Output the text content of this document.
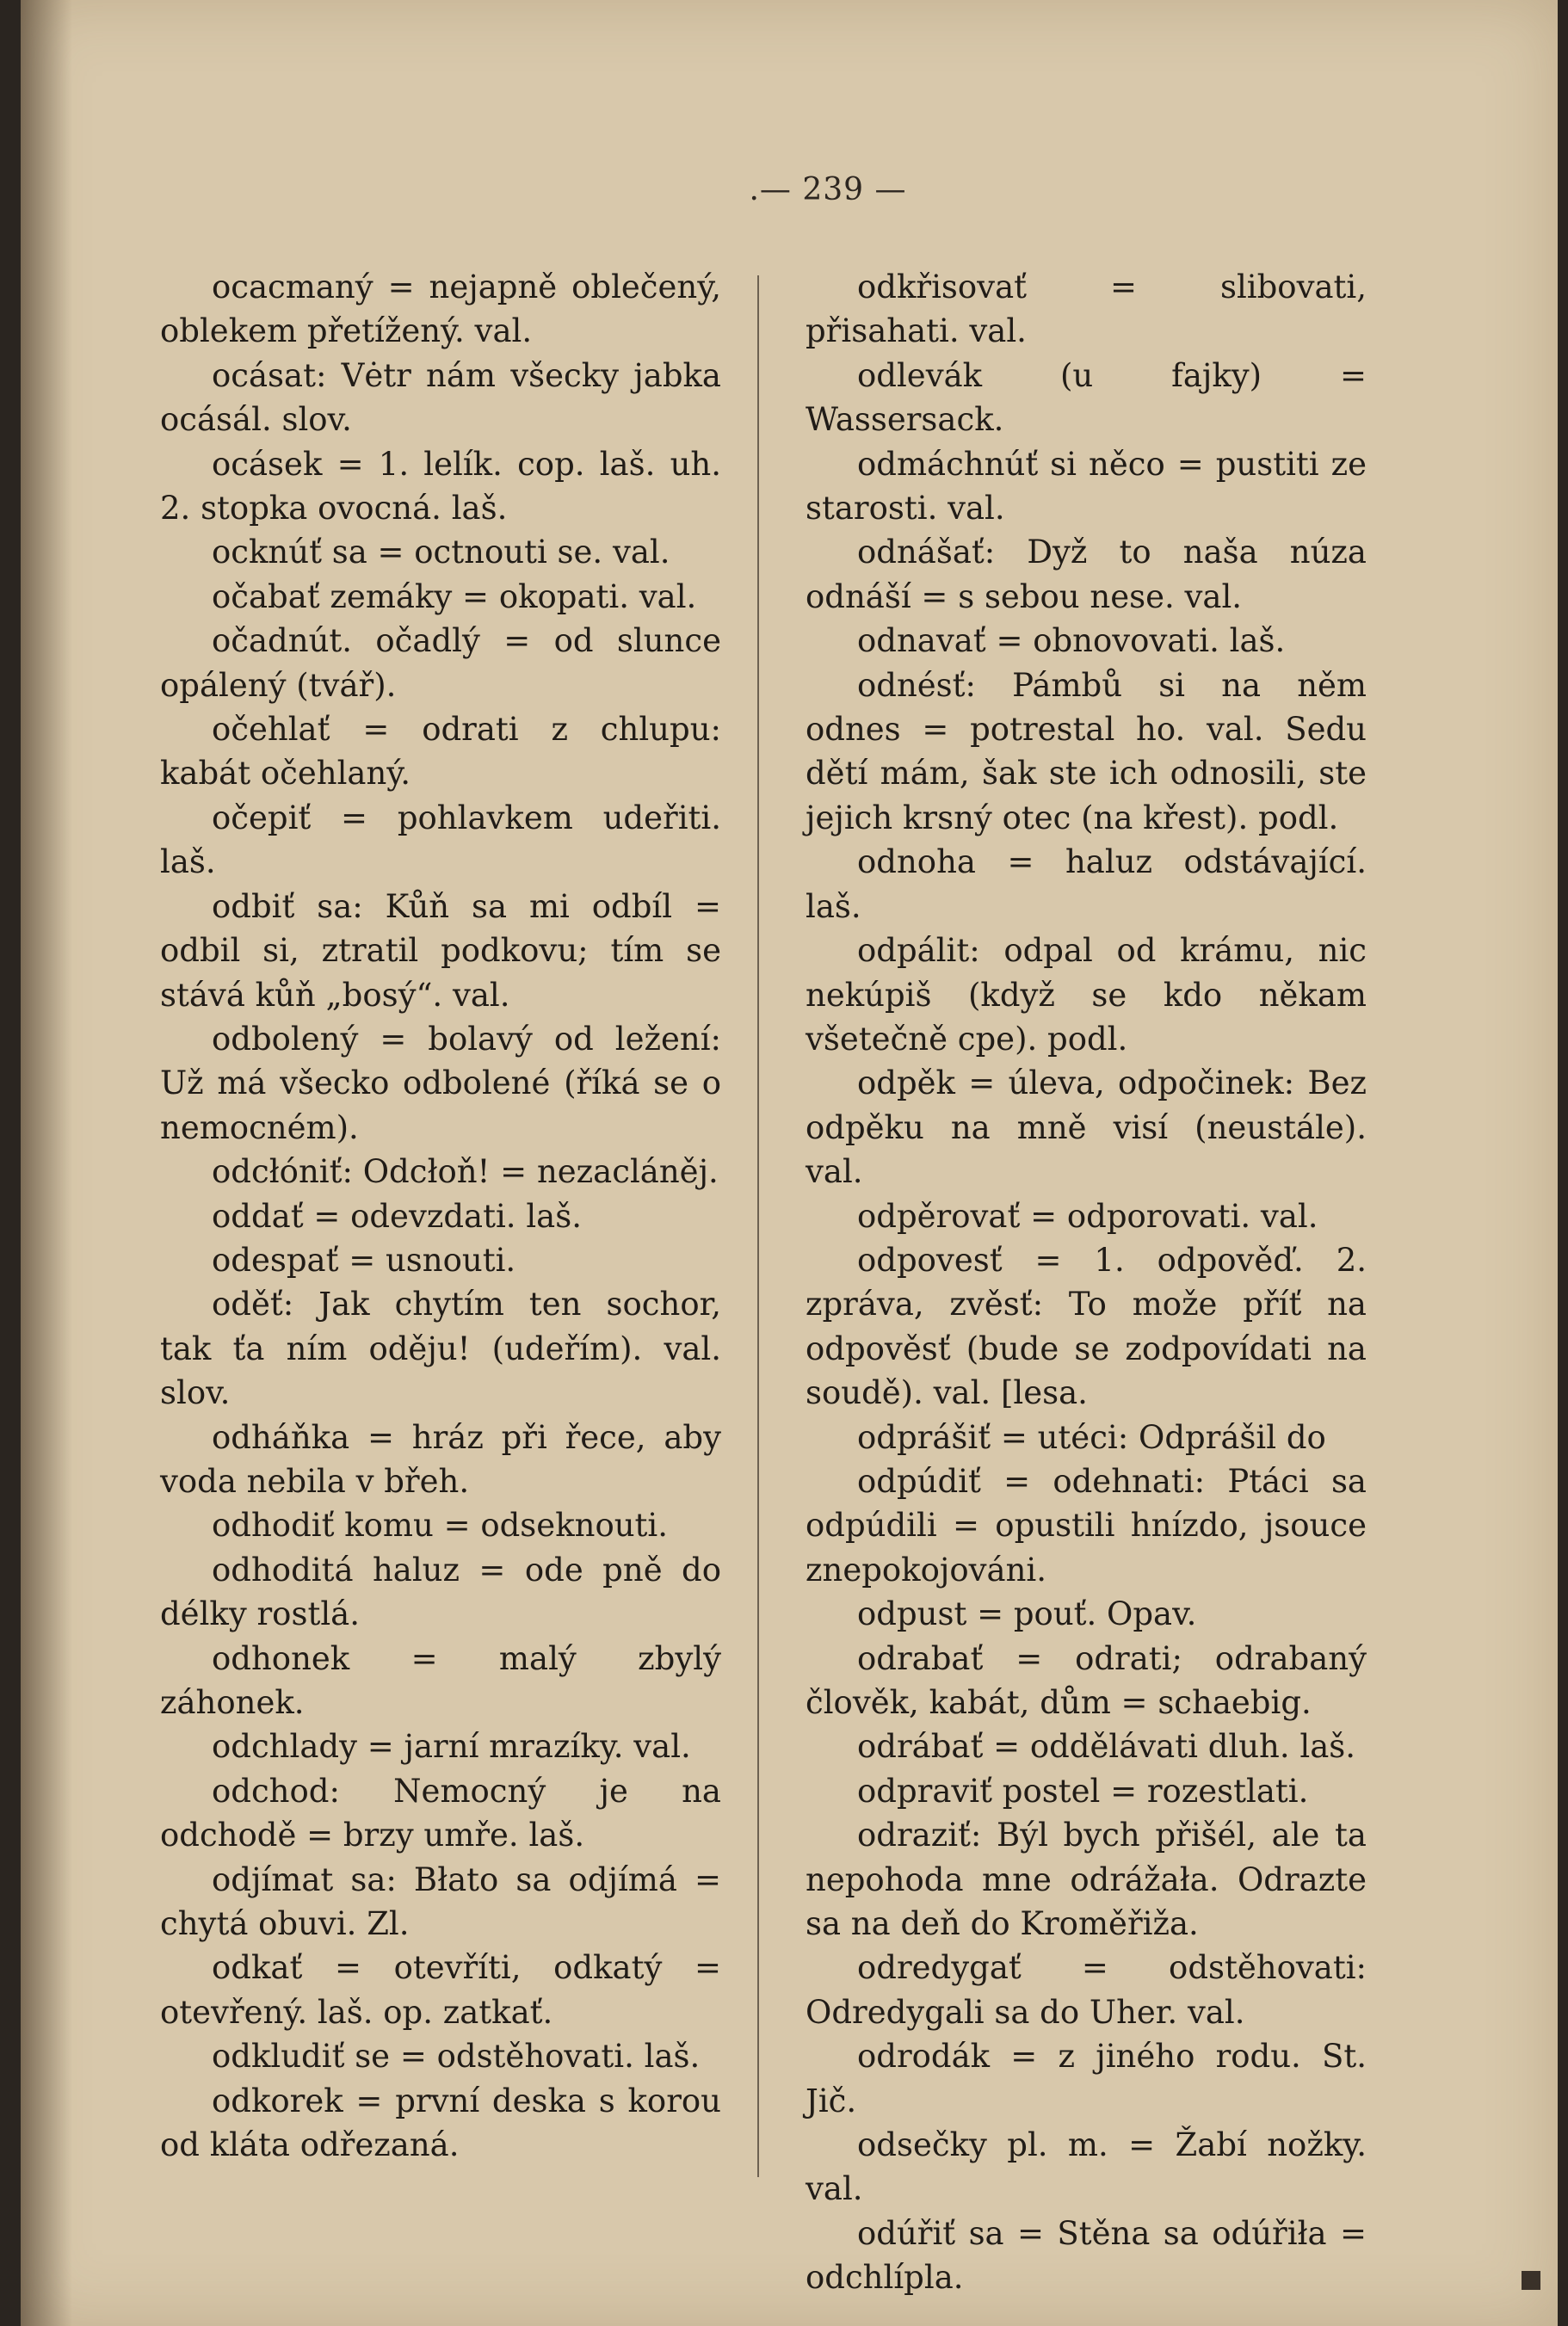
.— 239 —

ocacmaný = nejapně oblečený, oblekem přetížený. val.

ocásat: Vėtr nám všecky jabka ocásál. slov.

ocásek = 1. lelík. cop. laš. uh. 2. stopka ovocná. laš.

ocknúť sa = octnouti se. val.

očabať zemáky = okopati. val.

očadnút. očadlý = od slunce opálený (tvář).

očehlať = odrati z chlupu: kabát očehlaný.

očepiť = pohlavkem udeřiti. laš.

odbiť sa: Kůň sa mi odbíl = odbil si, ztratil podkovu; tím se stává kůň „bosý“. val.

odbolený = bolavý od ležení: Už má všecko odbolené (říká se o nemocném).

odcłóniť: Odcłoň! = nezacláněj.

oddať = odevzdati. laš.

odespať = usnouti.

oděť: Jak chytím ten sochor, tak ťa ním oděju! (udeřím). val. slov.

odháňka = hráz při řece, aby voda nebila v břeh.

odhodiť komu = odseknouti.

odhoditá haluz = ode pně do délky rostlá.

odhonek = malý zbylý záhonek.

odchlady = jarní mrazíky. val.

odchod: Nemocný je na odchodě = brzy umře. laš.

odjímat sa: Błato sa odjímá = chytá obuvi. Zl.

odkať = otevříti, odkatý = otevřený. laš. op. zatkať.

odkludiť se = odstěhovati. laš.

odkorek = první deska s korou od kláta odřezaná.

odkřisovať = slibovati, přisahati. val.

odlevák (u fajky) = Wassersack.

odmáchnúť si něco = pustiti ze starosti. val.

odnášať: Dyž to naša núza odnáší = s sebou nese. val.

odnavať = obnovovati. laš.

odnésť: Pámbů si na něm odnes = potrestal ho. val. Sedu dětí mám, šak ste ich odnosili, ste jejich krsný otec (na křest). podl.

odnoha = haluz odstávající. laš.

odpálit: odpal od krámu, nic nekúpiš (když se kdo někam všetečně cpe). podl.

odpěk = úleva, odpočinek: Bez odpěku na mně visí (neustále). val.

odpěrovať = odporovati. val.

odpovesť = 1. odpověď. 2. zpráva, zvěsť: To može příť na odpověsť (bude se zodpovídati na soudě). val. [lesa.

odprášiť = utéci: Odprášil do

odpúdiť = odehnati: Ptáci sa odpúdili = opustili hnízdo, jsouce znepokojováni.

odpust = pouť. Opav.

odrabať = odrati; odrabaný člověk, kabát, dům = schaebig.

odrábať = oddělávati dluh. laš.

odpraviť postel = rozestlati.

odraziť: Býl bych přišél, ale ta nepohoda mne odrážała. Odrazte sa na deň do Kroměřiža.

odredygať = odstěhovati: Odredygali sa do Uher. val.

odrodák = z jiného rodu. St. Jič.

odsečky pl. m. = Žabí nožky. val.

odúřiť sa = Stěna sa odúřiła = odchlípla.
